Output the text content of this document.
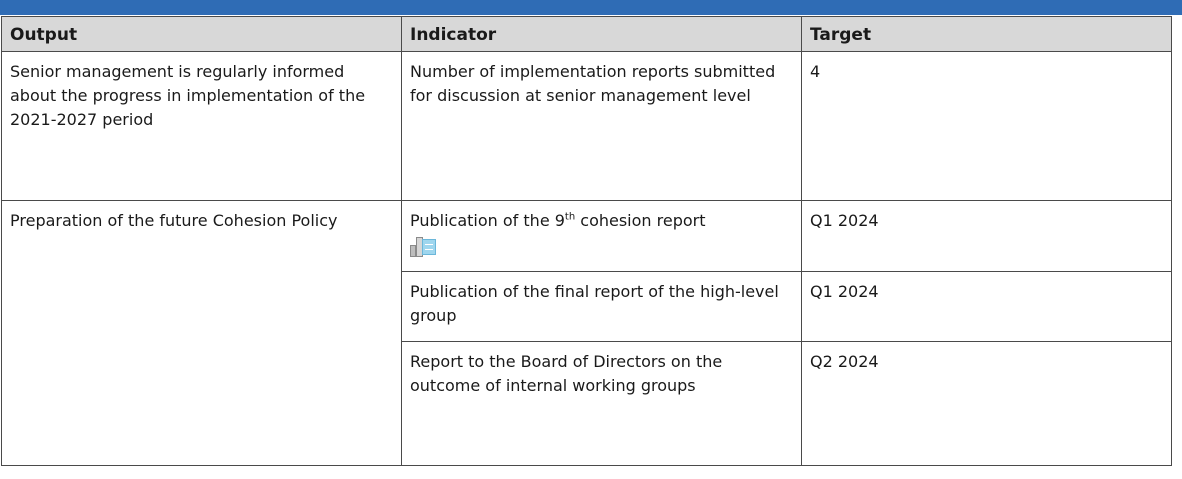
Output	Indicator	Target
Senior management is regularly informed about the progress in implementation of the 2021-2027 period	Number of implementation reports submitted for discussion at senior management level	4
Preparation of the future Cohesion Policy	Publication of the 9th cohesion report	Q1 2024
	Publication of the final report of the high-level group	Q1 2024
	Report to the Board of Directors on the outcome of internal working groups	Q2 2024
